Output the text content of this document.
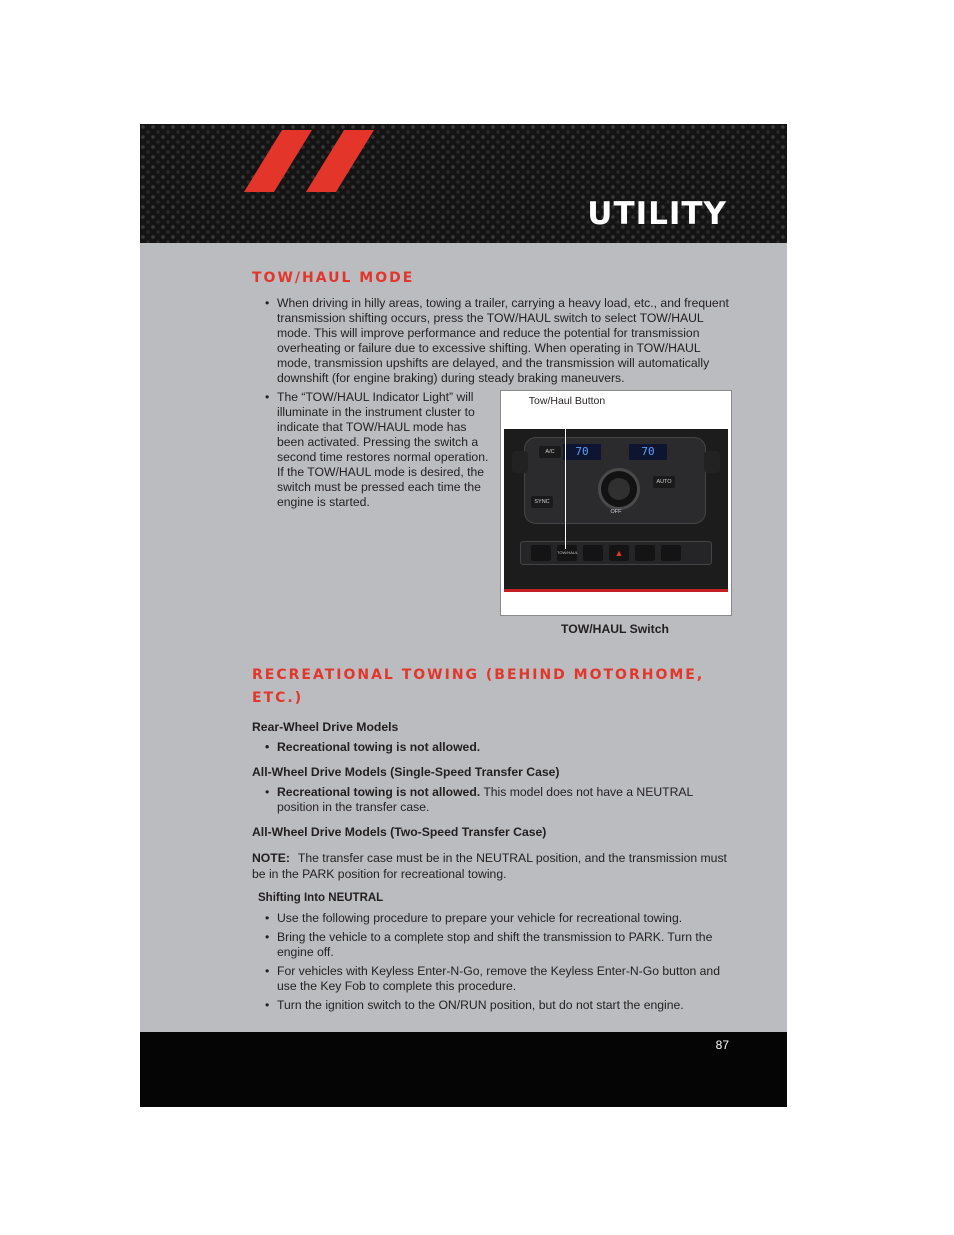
UTILITY
TOW/HAUL MODE
• When driving in hilly areas, towing a trailer, carrying a heavy load, etc., and frequent transmission shifting occurs, press the TOW/HAUL switch to select TOW/HAUL mode. This will improve performance and reduce the potential for transmission overheating or failure due to excessive shifting. When operating in TOW/HAUL mode, transmission upshifts are delayed, and the transmission will automatically downshift (for engine braking) during steady braking maneuvers.
• The “TOW/HAUL Indicator Light” will illuminate in the instrument cluster to indicate that TOW/HAUL mode has been activated. Pressing the switch a second time restores normal operation. If the TOW/HAUL mode is desired, the switch must be pressed each time the engine is started.
RECREATIONAL TOWING (BEHIND MOTORHOME,
ETC.)
Rear-Wheel Drive Models
• Recreational towing is not allowed.
All-Wheel Drive Models (Single-Speed Transfer Case)
• Recreational towing is not allowed. This model does not have a NEUTRAL position in the transfer case.
All-Wheel Drive Models (Two-Speed Transfer Case)
NOTE: The transfer case must be in the NEUTRAL position, and the transmission must be in the PARK position for recreational towing.
Shifting Into NEUTRAL
• Use the following procedure to prepare your vehicle for recreational towing.
• Bring the vehicle to a complete stop and shift the transmission to PARK. Turn the engine off.
• For vehicles with Keyless Enter-N-Go, remove the Keyless Enter-N-Go button and use the Key Fob to complete this procedure.
• Turn the ignition switch to the ON/RUN position, but do not start the engine.
Tow/Haul Button
70	70
A/C
AUTO
SYNC
OFF
TOW/HAUL	▲
TOW/HAUL Switch
87
